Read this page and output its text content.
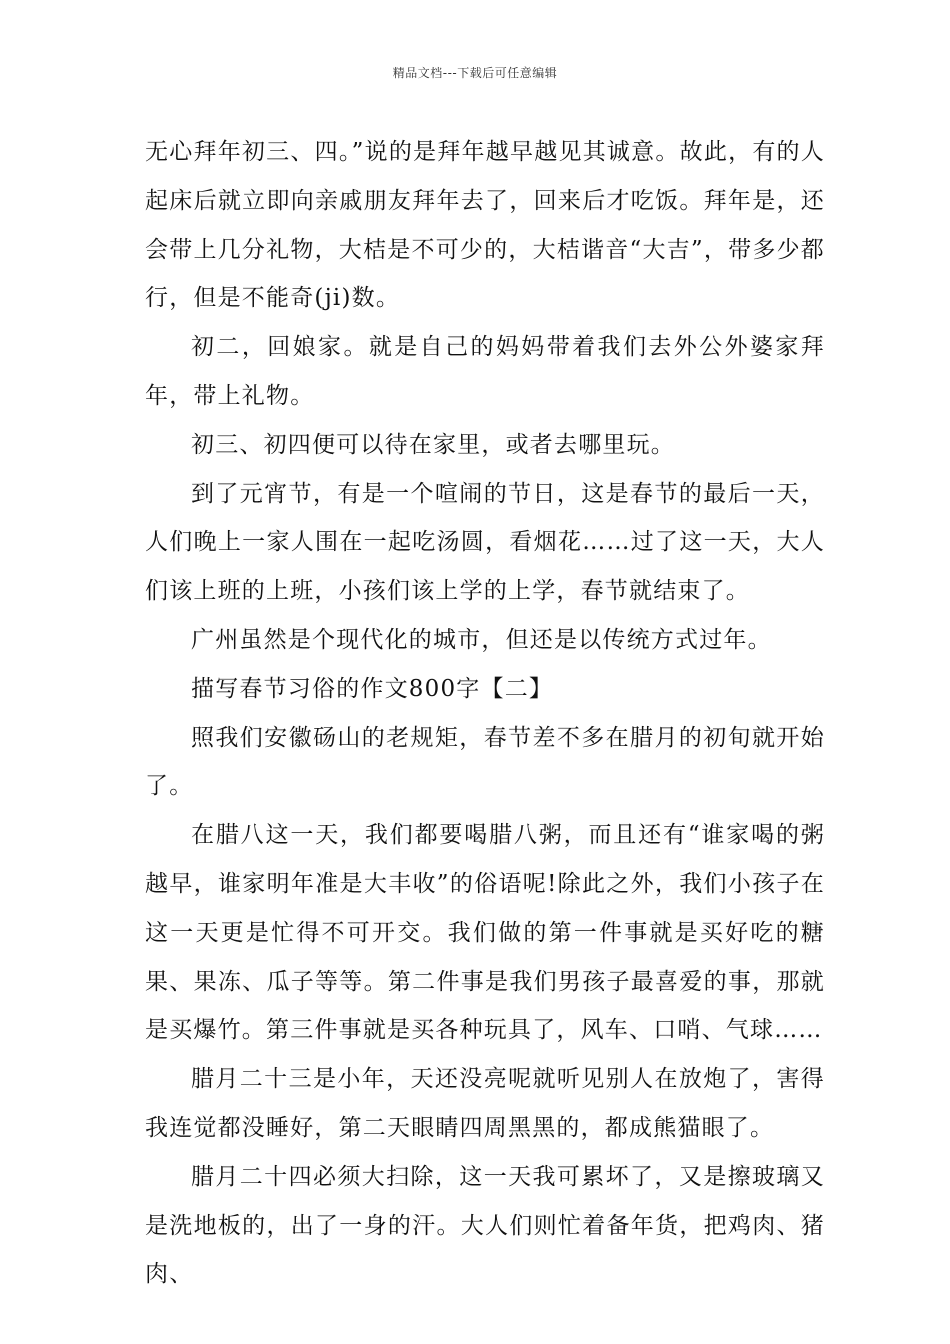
精品文档---下载后可任意编辑

无心拜年初三、四。”说的是拜年越早越见其诚意。故此，有的人起床后就立即向亲戚朋友拜年去了，回来后才吃饭。拜年是，还会带上几分礼物，大桔是不可少的，大桔谐音“大吉”，带多少都行，但是不能奇(ji)数。

初二，回娘家。就是自己的妈妈带着我们去外公外婆家拜年，带上礼物。

初三、初四便可以待在家里，或者去哪里玩。

到了元宵节，有是一个喧闹的节日，这是春节的最后一天，人们晚上一家人围在一起吃汤圆，看烟花……过了这一天，大人们该上班的上班，小孩们该上学的上学，春节就结束了。

广州虽然是个现代化的城市，但还是以传统方式过年。

描写春节习俗的作文800字【二】

照我们安徽砀山的老规矩，春节差不多在腊月的初旬就开始了。

在腊八这一天，我们都要喝腊八粥，而且还有“谁家喝的粥越早，谁家明年准是大丰收”的俗语呢!除此之外，我们小孩子在这一天更是忙得不可开交。我们做的第一件事就是买好吃的糖果、果冻、瓜子等等。第二件事是我们男孩子最喜爱的事，那就是买爆竹。第三件事就是买各种玩具了，风车、口哨、气球……

腊月二十三是小年，天还没亮呢就听见别人在放炮了，害得我连觉都没睡好，第二天眼睛四周黑黑的，都成熊猫眼了。

腊月二十四必须大扫除，这一天我可累坏了，又是擦玻璃又是洗地板的，出了一身的汗。大人们则忙着备年货，把鸡肉、猪肉、
